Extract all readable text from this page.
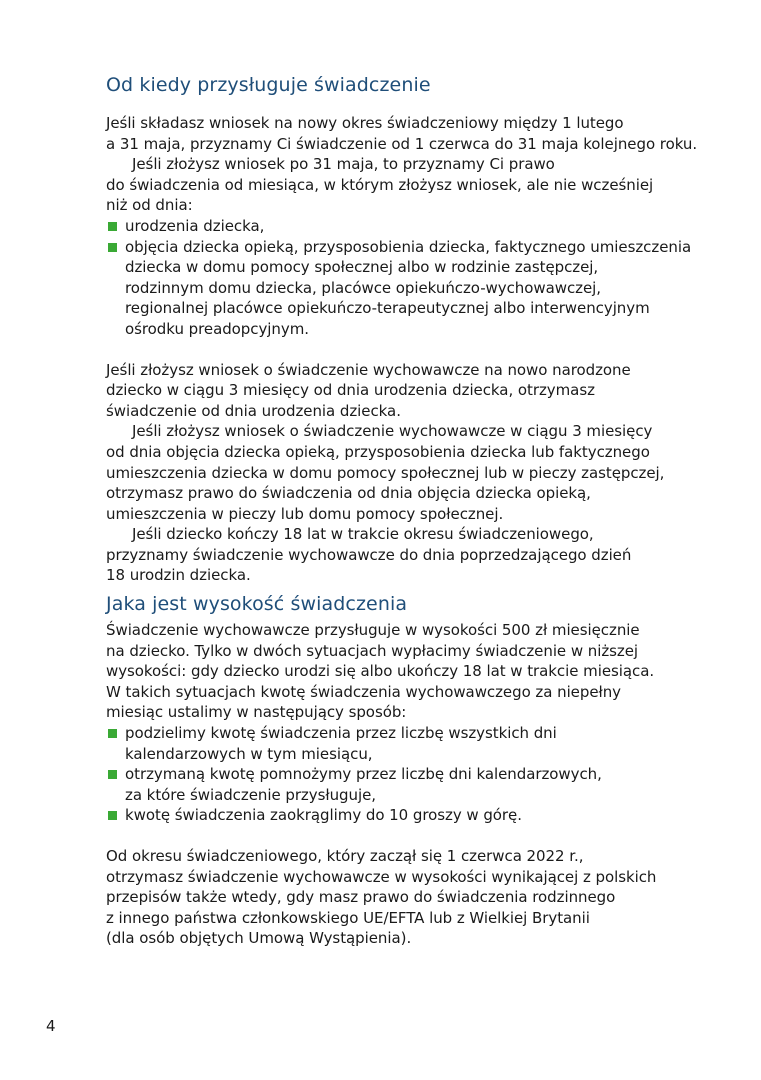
Od kiedy przysługuje świadczenie

Jeśli składasz wniosek na nowy okres świadczeniowy między 1 lutego

a 31 maja, przyznamy Ci świadczenie od 1 czerwca do 31 maja kolejnego roku.

Jeśli złożysz wniosek po 31 maja, to przyznamy Ci prawo

do świadczenia od miesiąca, w którym złożysz wniosek, ale nie wcześniej

niż od dnia:

urodzenia dziecka,
objęcia dziecka opieką, przysposobienia dziecka, faktycznego umieszczenia
dziecka w domu pomocy społecznej albo w rodzinie zastępczej,
rodzinnym domu dziecka, placówce opiekuńczo-wychowawczej,
regionalnej placówce opiekuńczo-terapeutycznej albo interwencyjnym
ośrodku preadopcyjnym.

Jeśli złożysz wniosek o świadczenie wychowawcze na nowo narodzone

dziecko w ciągu 3 miesięcy od dnia urodzenia dziecka, otrzymasz

świadczenie od dnia urodzenia dziecka.

Jeśli złożysz wniosek o świadczenie wychowawcze w ciągu 3 miesięcy

od dnia objęcia dziecka opieką, przysposobienia dziecka lub faktycznego

umieszczenia dziecka w domu pomocy społecznej lub w pieczy zastępczej,

otrzymasz prawo do świadczenia od dnia objęcia dziecka opieką,

umieszczenia w pieczy lub domu pomocy społecznej.

Jeśli dziecko kończy 18 lat w trakcie okresu świadczeniowego,

przyznamy świadczenie wychowawcze do dnia poprzedzającego dzień

18 urodzin dziecka.

Jaka jest wysokość świadczenia

Świadczenie wychowawcze przysługuje w wysokości 500 zł miesięcznie

na dziecko. Tylko w dwóch sytuacjach wypłacimy świadczenie w niższej

wysokości: gdy dziecko urodzi się albo ukończy 18 lat w trakcie miesiąca.

W takich sytuacjach kwotę świadczenia wychowawczego za niepełny

miesiąc ustalimy w następujący sposób:

podzielimy kwotę świadczenia przez liczbę wszystkich dni
kalendarzowych w tym miesiącu,
otrzymaną kwotę pomnożymy przez liczbę dni kalendarzowych,
za które świadczenie przysługuje,
kwotę świadczenia zaokrąglimy do 10 groszy w górę.

Od okresu świadczeniowego, który zaczął się 1 czerwca 2022 r.,

otrzymasz świadczenie wychowawcze w wysokości wynikającej z polskich

przepisów także wtedy, gdy masz prawo do świadczenia rodzinnego

z innego państwa członkowskiego UE/EFTA lub z Wielkiej Brytanii

(dla osób objętych Umową Wystąpienia).

4
